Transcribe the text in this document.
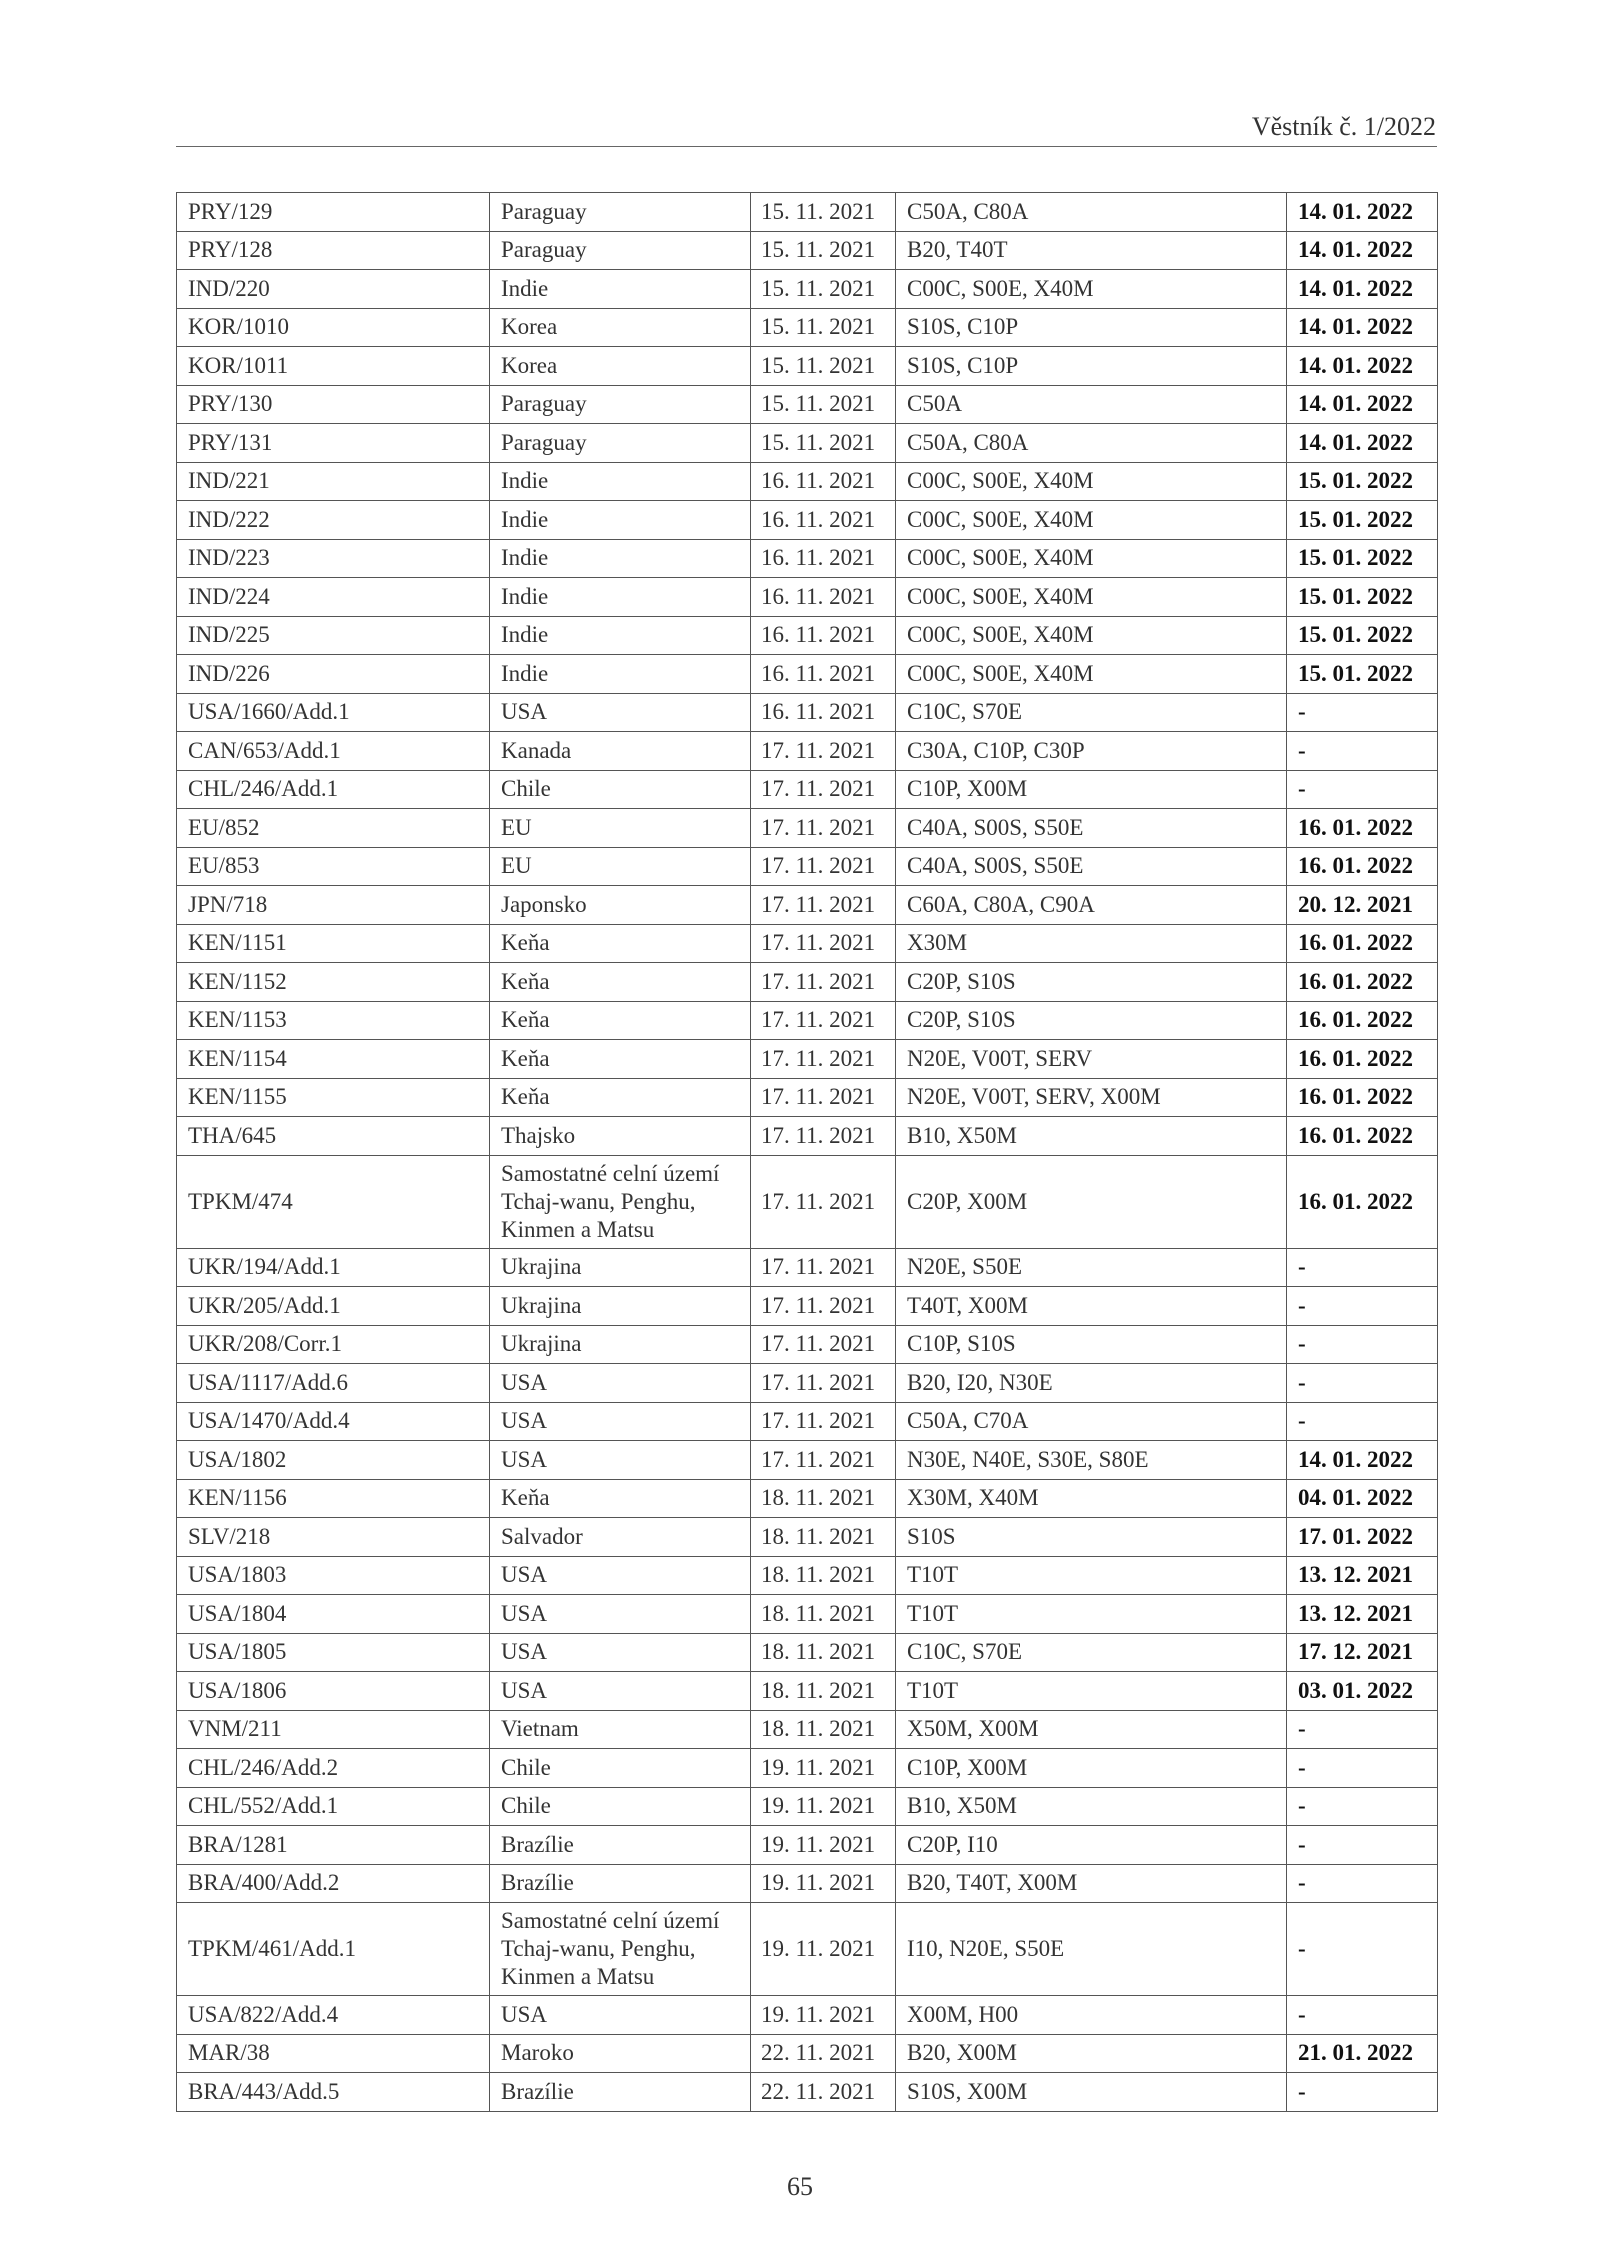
Věstník č. 1/2022
PRY/129	Paraguay	15. 11. 2021	C50A, C80A	14. 01. 2022
PRY/128	Paraguay	15. 11. 2021	B20, T40T	14. 01. 2022
IND/220	Indie	15. 11. 2021	C00C, S00E, X40M	14. 01. 2022
KOR/1010	Korea	15. 11. 2021	S10S, C10P	14. 01. 2022
KOR/1011	Korea	15. 11. 2021	S10S, C10P	14. 01. 2022
PRY/130	Paraguay	15. 11. 2021	C50A	14. 01. 2022
PRY/131	Paraguay	15. 11. 2021	C50A, C80A	14. 01. 2022
IND/221	Indie	16. 11. 2021	C00C, S00E, X40M	15. 01. 2022
IND/222	Indie	16. 11. 2021	C00C, S00E, X40M	15. 01. 2022
IND/223	Indie	16. 11. 2021	C00C, S00E, X40M	15. 01. 2022
IND/224	Indie	16. 11. 2021	C00C, S00E, X40M	15. 01. 2022
IND/225	Indie	16. 11. 2021	C00C, S00E, X40M	15. 01. 2022
IND/226	Indie	16. 11. 2021	C00C, S00E, X40M	15. 01. 2022
USA/1660/Add.1	USA	16. 11. 2021	C10C, S70E	-
CAN/653/Add.1	Kanada	17. 11. 2021	C30A, C10P, C30P	-
CHL/246/Add.1	Chile	17. 11. 2021	C10P, X00M	-
EU/852	EU	17. 11. 2021	C40A, S00S, S50E	16. 01. 2022
EU/853	EU	17. 11. 2021	C40A, S00S, S50E	16. 01. 2022
JPN/718	Japonsko	17. 11. 2021	C60A, C80A, C90A	20. 12. 2021
KEN/1151	Keňa	17. 11. 2021	X30M	16. 01. 2022
KEN/1152	Keňa	17. 11. 2021	C20P, S10S	16. 01. 2022
KEN/1153	Keňa	17. 11. 2021	C20P, S10S	16. 01. 2022
KEN/1154	Keňa	17. 11. 2021	N20E, V00T, SERV	16. 01. 2022
KEN/1155	Keňa	17. 11. 2021	N20E, V00T, SERV, X00M	16. 01. 2022
THA/645	Thajsko	17. 11. 2021	B10, X50M	16. 01. 2022
TPKM/474	Samostatné celní území Tchaj-wanu, Penghu, Kinmen a Matsu	17. 11. 2021	C20P, X00M	16. 01. 2022
UKR/194/Add.1	Ukrajina	17. 11. 2021	N20E, S50E	-
UKR/205/Add.1	Ukrajina	17. 11. 2021	T40T, X00M	-
UKR/208/Corr.1	Ukrajina	17. 11. 2021	C10P, S10S	-
USA/1117/Add.6	USA	17. 11. 2021	B20, I20, N30E	-
USA/1470/Add.4	USA	17. 11. 2021	C50A, C70A	-
USA/1802	USA	17. 11. 2021	N30E, N40E, S30E, S80E	14. 01. 2022
KEN/1156	Keňa	18. 11. 2021	X30M, X40M	04. 01. 2022
SLV/218	Salvador	18. 11. 2021	S10S	17. 01. 2022
USA/1803	USA	18. 11. 2021	T10T	13. 12. 2021
USA/1804	USA	18. 11. 2021	T10T	13. 12. 2021
USA/1805	USA	18. 11. 2021	C10C, S70E	17. 12. 2021
USA/1806	USA	18. 11. 2021	T10T	03. 01. 2022
VNM/211	Vietnam	18. 11. 2021	X50M, X00M	-
CHL/246/Add.2	Chile	19. 11. 2021	C10P, X00M	-
CHL/552/Add.1	Chile	19. 11. 2021	B10, X50M	-
BRA/1281	Brazílie	19. 11. 2021	C20P, I10	-
BRA/400/Add.2	Brazílie	19. 11. 2021	B20, T40T, X00M	-
TPKM/461/Add.1	Samostatné celní území Tchaj-wanu, Penghu, Kinmen a Matsu	19. 11. 2021	I10, N20E, S50E	-
USA/822/Add.4	USA	19. 11. 2021	X00M, H00	-
MAR/38	Maroko	22. 11. 2021	B20, X00M	21. 01. 2022
BRA/443/Add.5	Brazílie	22. 11. 2021	S10S, X00M	-
65
